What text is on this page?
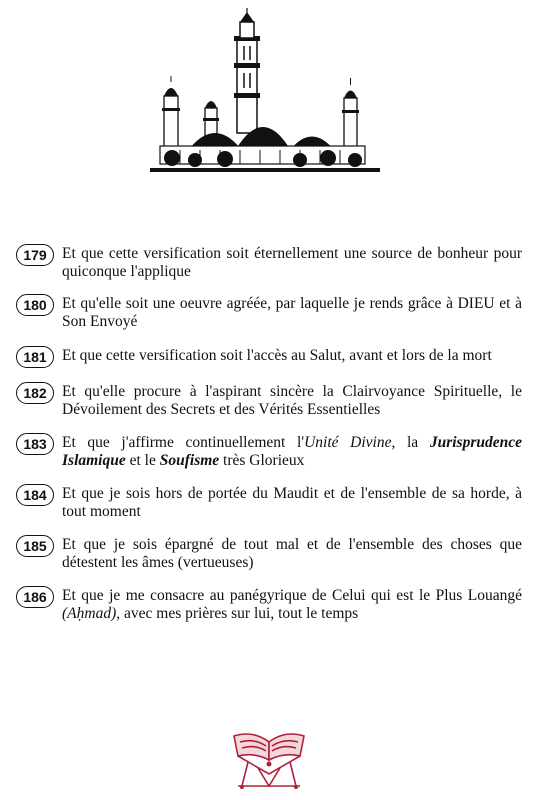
179 Et que cette versification soit éternellement une source de bonheur pour quiconque l'applique
180 Et qu'elle soit une oeuvre agréée, par laquelle je rends grâce à DIEU et à Son Envoyé
181 Et que cette versification soit l'accès au Salut, avant et lors de la mort
182 Et qu'elle procure à l'aspirant sincère la Clairvoyance Spirituelle, le Dévoilement des Secrets et des Vérités Essentielles
183 Et que j'affirme continuellement l'Unité Divine, la Jurisprudence Islamique et le Soufisme très Glorieux
184 Et que je sois hors de portée du Maudit et de l'ensemble de sa horde, à tout moment
185 Et que je sois épargné de tout mal et de l'ensemble des choses que détestent les âmes (vertueuses)
186 Et que je me consacre au panégyrique de Celui qui est le Plus Louangé (Aḥmad), avec mes prières sur lui, tout le temps
